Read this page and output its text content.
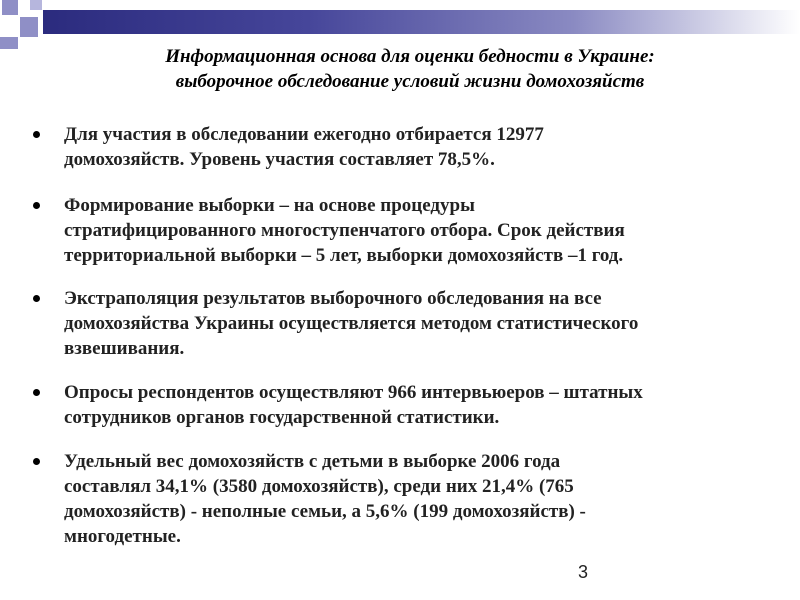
Информационная основа для оценки бедности в Украине:
выборочное обследование условий жизни домохозяйств
Для участия в обследовании ежегодно отбирается 12977
домохозяйств. Уровень участия составляет 78,5%.
Формирование выборки – на основе процедуры
стратифицированного многоступенчатого отбора. Срок действия
территориальной выборки – 5 лет, выборки домохозяйств –1 год.
Экстраполяция результатов выборочного обследования на все
домохозяйства Украины осуществляется методом статистического
взвешивания.
Опросы респондентов осуществляют 966 интервьюеров – штатных
сотрудников органов государственной статистики.
Удельный вес домохозяйств с детьми в выборке 2006 года
составлял 34,1% (3580 домохозяйств), среди них 21,4% (765
домохозяйств) - неполные семьи, а 5,6% (199 домохозяйств) -
многодетные.
3
